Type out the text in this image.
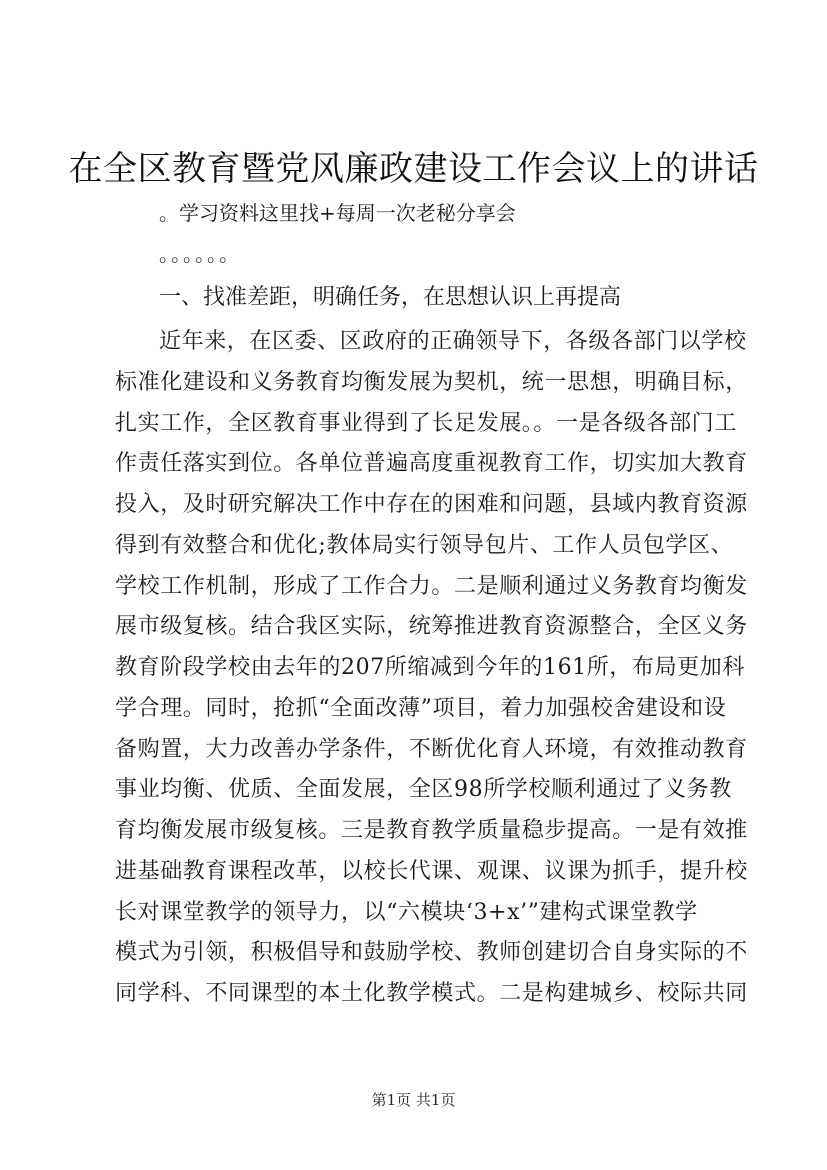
在全区教育暨党风廉政建设工作会议上的讲话
。学习资料这里找+每周一次老秘分享会
。。。。。。
一、找准差距，明确任务，在思想认识上再提高
近年来，在区委、区政府的正确领导下，各级各部门以学校
标准化建设和义务教育均衡发展为契机，统一思想，明确目标，
扎实工作，全区教育事业得到了长足发展。。一是各级各部门工
作责任落实到位。各单位普遍高度重视教育工作，切实加大教育
投入，及时研究解决工作中存在的困难和问题，县域内教育资源
得到有效整合和优化;教体局实行领导包片、工作人员包学区、
学校工作机制，形成了工作合力。二是顺利通过义务教育均衡发
展市级复核。结合我区实际，统筹推进教育资源整合，全区义务
教育阶段学校由去年的207所缩减到今年的161所，布局更加科
学合理。同时，抢抓“全面改薄”项目，着力加强校舍建设和设
备购置，大力改善办学条件，不断优化育人环境，有效推动教育
事业均衡、优质、全面发展，全区98所学校顺利通过了义务教
育均衡发展市级复核。三是教育教学质量稳步提高。一是有效推
进基础教育课程改革，以校长代课、观课、议课为抓手，提升校
长对课堂教学的领导力，以“六模块‘3+x’”建构式课堂教学
模式为引领，积极倡导和鼓励学校、教师创建切合自身实际的不
同学科、不同课型的本土化教学模式。二是构建城乡、校际共同
第1页 共1页
